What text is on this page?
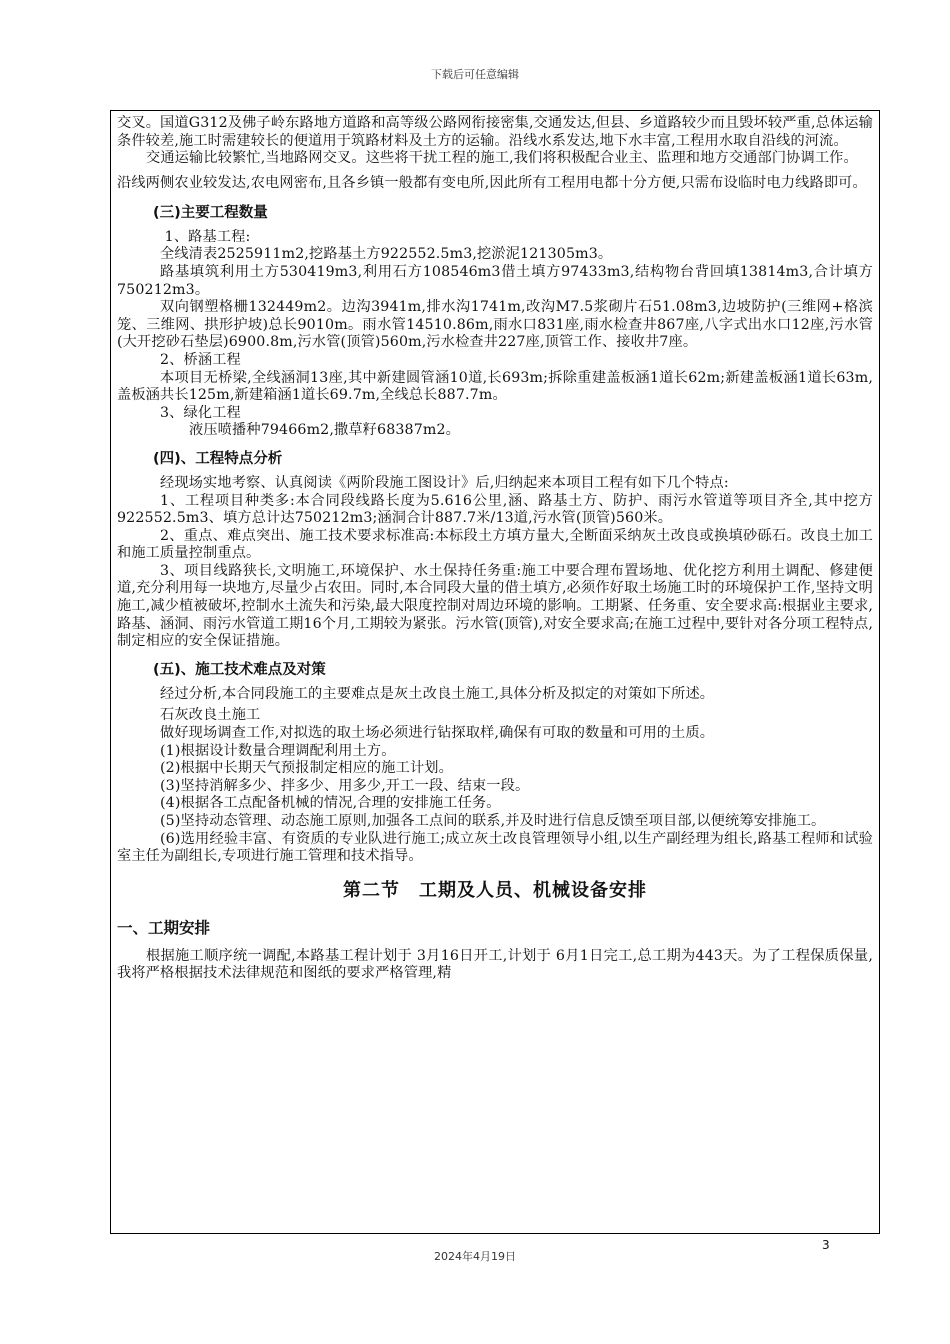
下载后可任意编辑

交叉。国道G312及佛子岭东路地方道路和高等级公路网衔接密集,交通发达,但县、乡道路较少而且毁坏较严重,总体运输条件较差,施工时需建较长的便道用于筑路材料及土方的运输。沿线水系发达,地下水丰富,工程用水取自沿线的河流。

交通运输比较繁忙,当地路网交叉。这些将干扰工程的施工,我们将积极配合业主、监理和地方交通部门协调工作。

沿线两侧农业较发达,农电网密布,且各乡镇一般都有变电所,因此所有工程用电都十分方便,只需布设临时电力线路即可。

(三)主要工程数量

1、路基工程:

全线清表2525911m2,挖路基土方922552.5m3,挖淤泥121305m3。

路基填筑利用土方530419m3,利用石方108546m3借土填方97433m3,结构物台背回填13814m3,合计填方750212m3。

双向钢塑格栅132449m2。边沟3941m,排水沟1741m,改沟M7.5浆砌片石51.08m3,边坡防护(三维网+格滨笼、三维网、拱形护坡)总长9010m。雨水管14510.86m,雨水口831座,雨水检查井867座,八字式出水口12座,污水管(大开挖砂石垫层)6900.8m,污水管(顶管)560m,污水检查井227座,顶管工作、接收井7座。

2、桥涵工程

本项目无桥梁,全线涵洞13座,其中新建圆管涵10道,长693m;拆除重建盖板涵1道长62m;新建盖板涵1道长63m,盖板涵共长125m,新建箱涵1道长69.7m,全线总长887.7m。

3、绿化工程

液压喷播种79466m2,撒草籽68387m2。

(四)、工程特点分析

经现场实地考察、认真阅读《两阶段施工图设计》后,归纳起来本项目工程有如下几个特点:

1、工程项目种类多:本合同段线路长度为5.616公里,涵、路基土方、防护、雨污水管道等项目齐全,其中挖方922552.5m3、填方总计达750212m3;涵洞合计887.7米/13道,污水管(顶管)560米。

2、重点、难点突出、施工技术要求标准高:本标段土方填方量大,全断面采纳灰土改良或换填砂砾石。改良土加工和施工质量控制重点。

3、项目线路狭长,文明施工,环境保护、水土保持任务重:施工中要合理布置场地、优化挖方利用土调配、修建便道,充分利用每一块地方,尽量少占农田。同时,本合同段大量的借土填方,必须作好取土场施工时的环境保护工作,坚持文明施工,减少植被破坏,控制水土流失和污染,最大限度控制对周边环境的影响。工期紧、任务重、安全要求高:根据业主要求,路基、涵洞、雨污水管道工期16个月,工期较为紧张。污水管(顶管),对安全要求高;在施工过程中,要针对各分项工程特点,制定相应的安全保证措施。

(五)、施工技术难点及对策

经过分析,本合同段施工的主要难点是灰土改良土施工,具体分析及拟定的对策如下所述。

石灰改良土施工

做好现场调查工作,对拟选的取土场必须进行钻探取样,确保有可取的数量和可用的土质。

(1)根据设计数量合理调配利用土方。

(2)根据中长期天气预报制定相应的施工计划。

(3)坚持消解多少、拌多少、用多少,开工一段、结束一段。

(4)根据各工点配备机械的情况,合理的安排施工任务。

(5)坚持动态管理、动态施工原则,加强各工点间的联系,并及时进行信息反馈至项目部,以便统筹安排施工。

(6)选用经验丰富、有资质的专业队进行施工;成立灰土改良管理领导小组,以生产副经理为组长,路基工程师和试验室主任为副组长,专项进行施工管理和技术指导。

第二节　工期及人员、机械设备安排
一、工期安排

根据施工顺序统一调配,本路基工程计划于 3月16日开工,计划于 6月1日完工,总工期为443天。为了工程保质保量,我将严格根据技术法律规范和图纸的要求严格管理,精

3
2024年4月19日
